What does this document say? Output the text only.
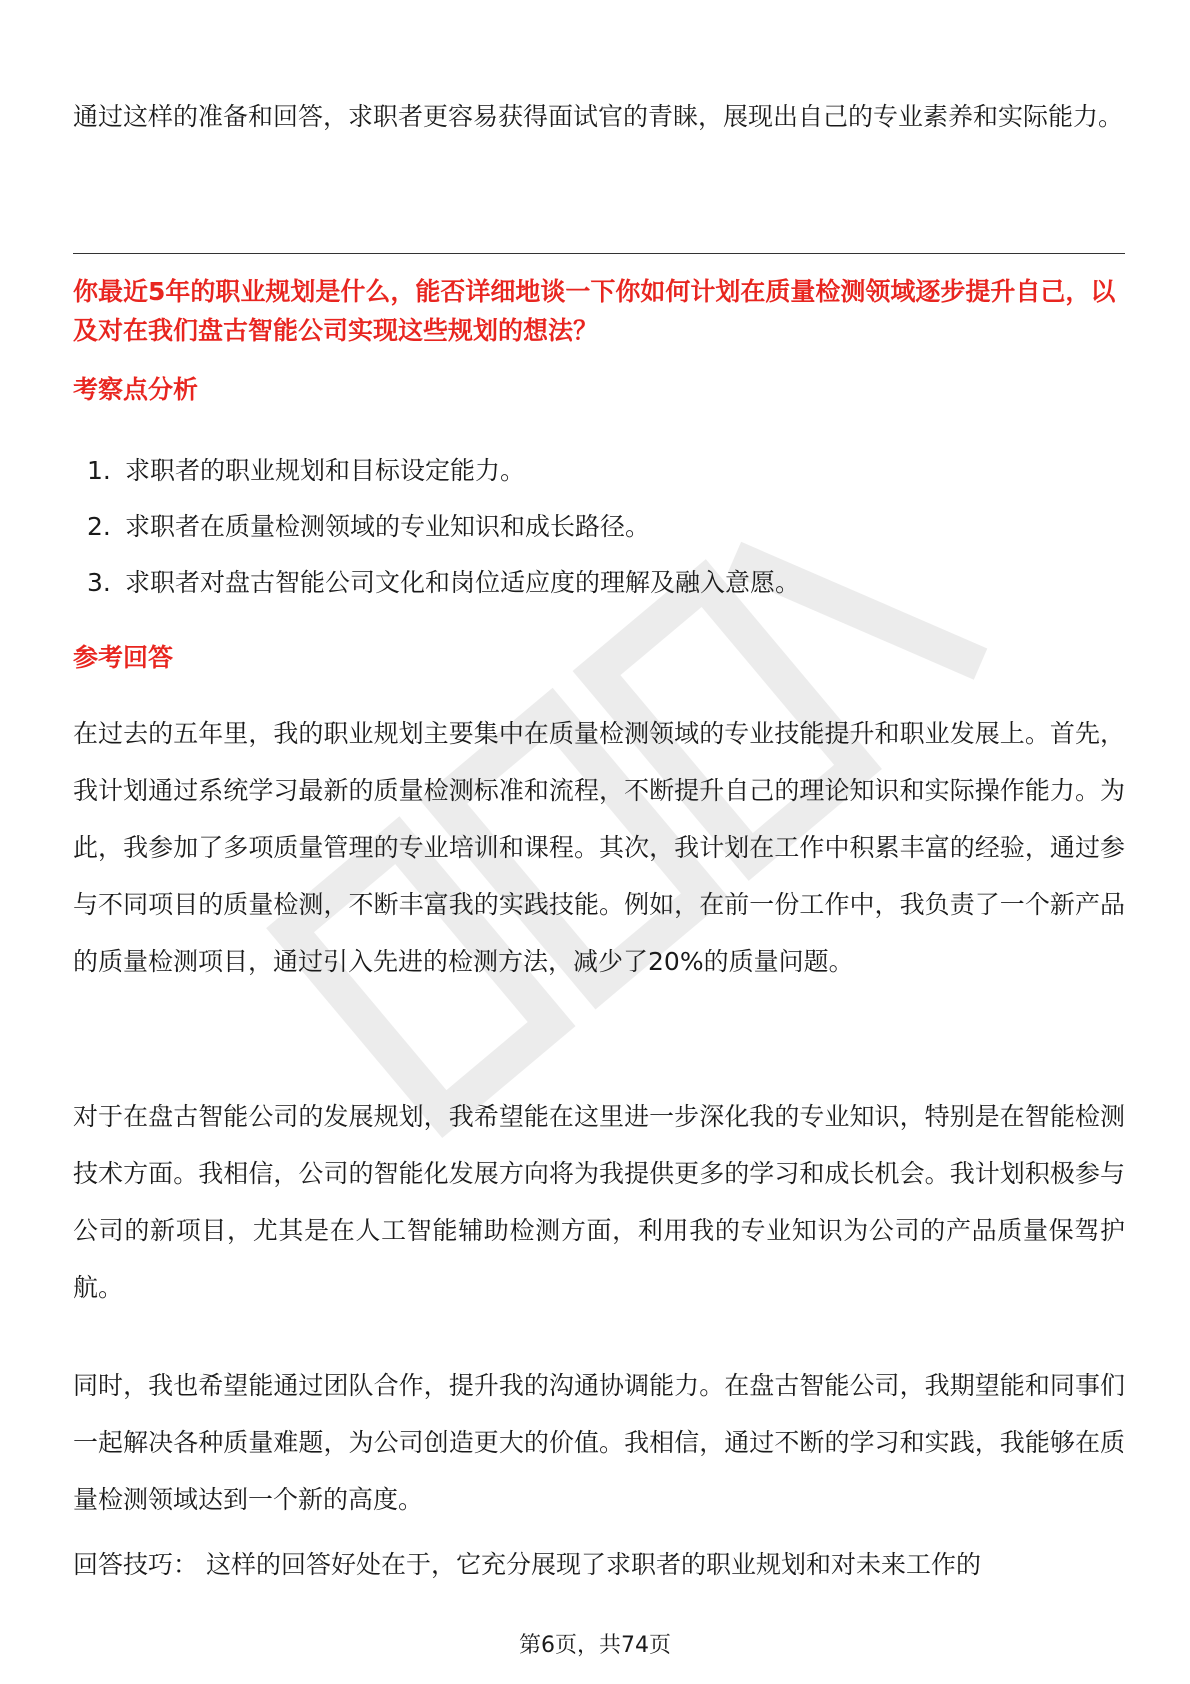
通过这样的准备和回答，求职者更容易获得面试官的青睐，展现出自己的专业素养和实际能力。

你最近5年的职业规划是什么，能否详细地谈一下你如何计划在质量检测领域逐步提升自己，以及对在我们盘古智能公司实现这些规划的想法？

考察点分析
1. 求职者的职业规划和目标设定能力。
2. 求职者在质量检测领域的专业知识和成长路径。
3. 求职者对盘古智能公司文化和岗位适应度的理解及融入意愿。
参考回答

在过去的五年里，我的职业规划主要集中在质量检测领域的专业技能提升和职业发展上。首先，我计划通过系统学习最新的质量检测标准和流程，不断提升自己的理论知识和实际操作能力。为此，我参加了多项质量管理的专业培训和课程。其次，我计划在工作中积累丰富的经验，通过参与不同项目的质量检测，不断丰富我的实践技能。例如，在前一份工作中，我负责了一个新产品的质量检测项目，通过引入先进的检测方法，减少了20%的质量问题。

对于在盘古智能公司的发展规划，我希望能在这里进一步深化我的专业知识，特别是在智能检测技术方面。我相信，公司的智能化发展方向将为我提供更多的学习和成长机会。我计划积极参与公司的新项目，尤其是在人工智能辅助检测方面，利用我的专业知识为公司的产品质量保驾护航。

同时，我也希望能通过团队合作，提升我的沟通协调能力。在盘古智能公司，我期望能和同事们一起解决各种质量难题，为公司创造更大的价值。我相信，通过不断的学习和实践，我能够在质量检测领域达到一个新的高度。

回答技巧： 这样的回答好处在于，它充分展现了求职者的职业规划和对未来工作的

第6页，共74页
